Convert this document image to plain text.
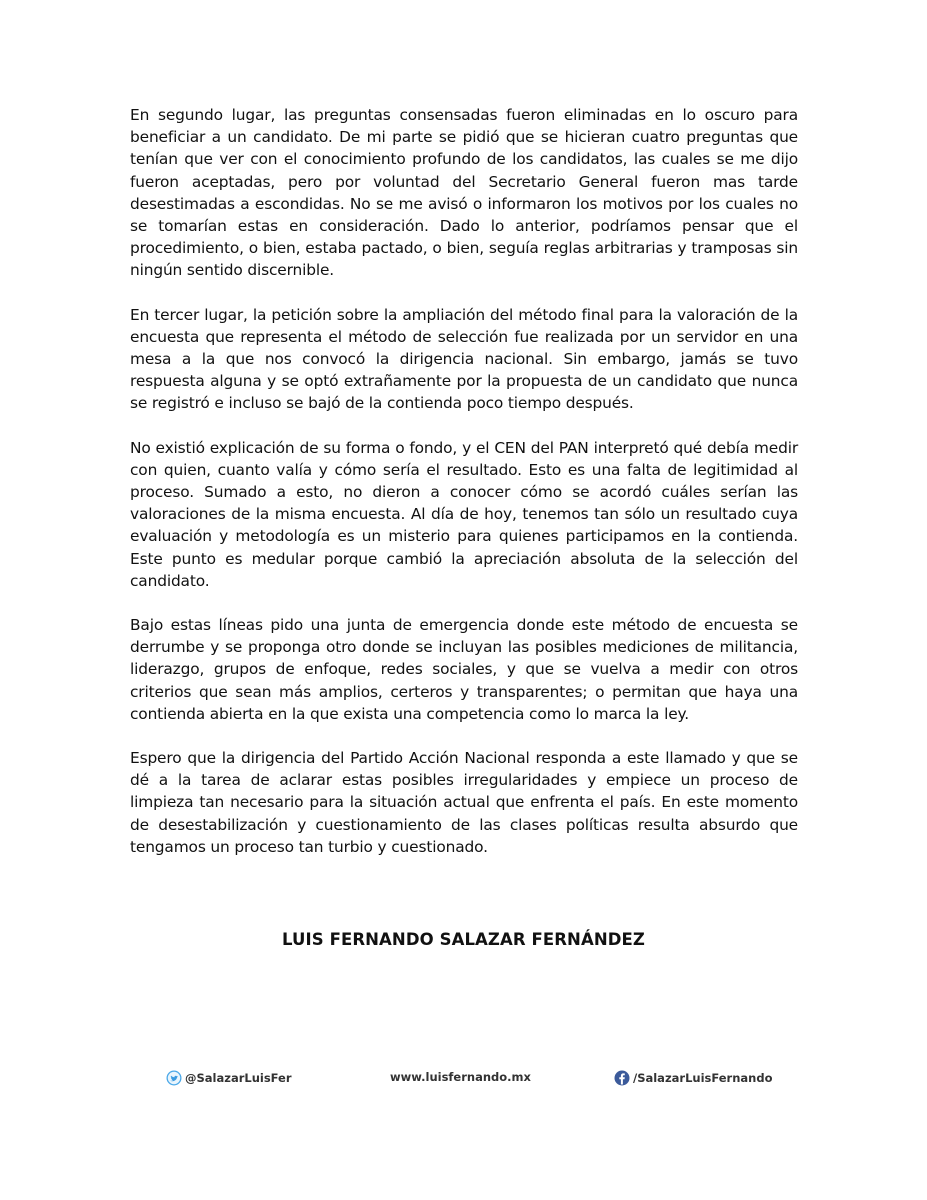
En segundo lugar, las preguntas consensadas fueron eliminadas en lo oscuro para beneficiar a un candidato. De mi parte se pidió que se hicieran cuatro preguntas que tenían que ver con el conocimiento profundo de los candidatos, las cuales se me dijo fueron aceptadas, pero por voluntad del Secretario General fueron mas tarde desestimadas a escondidas. No se me avisó o informaron los motivos por los cuales no se tomarían estas en consideración. Dado lo anterior, podríamos pensar que el procedimiento, o bien, estaba pactado, o bien, seguía reglas arbitrarias y tramposas sin ningún sentido discernible.

En tercer lugar, la petición sobre la ampliación del método final para la valoración de la encuesta que representa el método de selección fue realizada por un servidor en una mesa a la que nos convocó la dirigencia nacional. Sin embargo, jamás se tuvo respuesta alguna y se optó extrañamente por la propuesta de un candidato que nunca se registró e incluso se bajó de la contienda poco tiempo después.

No existió explicación de su forma o fondo, y el CEN del PAN interpretó qué debía medir con quien, cuanto valía y cómo sería el resultado. Esto es una falta de legitimidad al proceso. Sumado a esto, no dieron a conocer cómo se acordó cuáles serían las valoraciones de la misma encuesta. Al día de hoy, tenemos tan sólo un resultado cuya evaluación y metodología es un misterio para quienes participamos en la contienda. Este punto es medular porque cambió la apreciación absoluta de la selección del candidato.

Bajo estas líneas pido una junta de emergencia donde este método de encuesta se derrumbe y se proponga otro donde se incluyan las posibles mediciones de militancia, liderazgo, grupos de enfoque, redes sociales, y que se vuelva a medir con otros criterios que sean más amplios, certeros y transparentes; o permitan que haya una contienda abierta en la que exista una competencia como lo marca la ley.

Espero que la dirigencia del Partido Acción Nacional responda a este llamado y que se dé a la tarea de aclarar estas posibles irregularidades y empiece un proceso de limpieza tan necesario para la situación actual que enfrenta el país. En este momento de desestabilización y cuestionamiento de las clases políticas resulta absurdo que tengamos un proceso tan turbio y cuestionado.

LUIS FERNANDO SALAZAR FERNÁNDEZ
@SalazarLuisFer	www.luisfernando.mx	/SalazarLuisFernando
